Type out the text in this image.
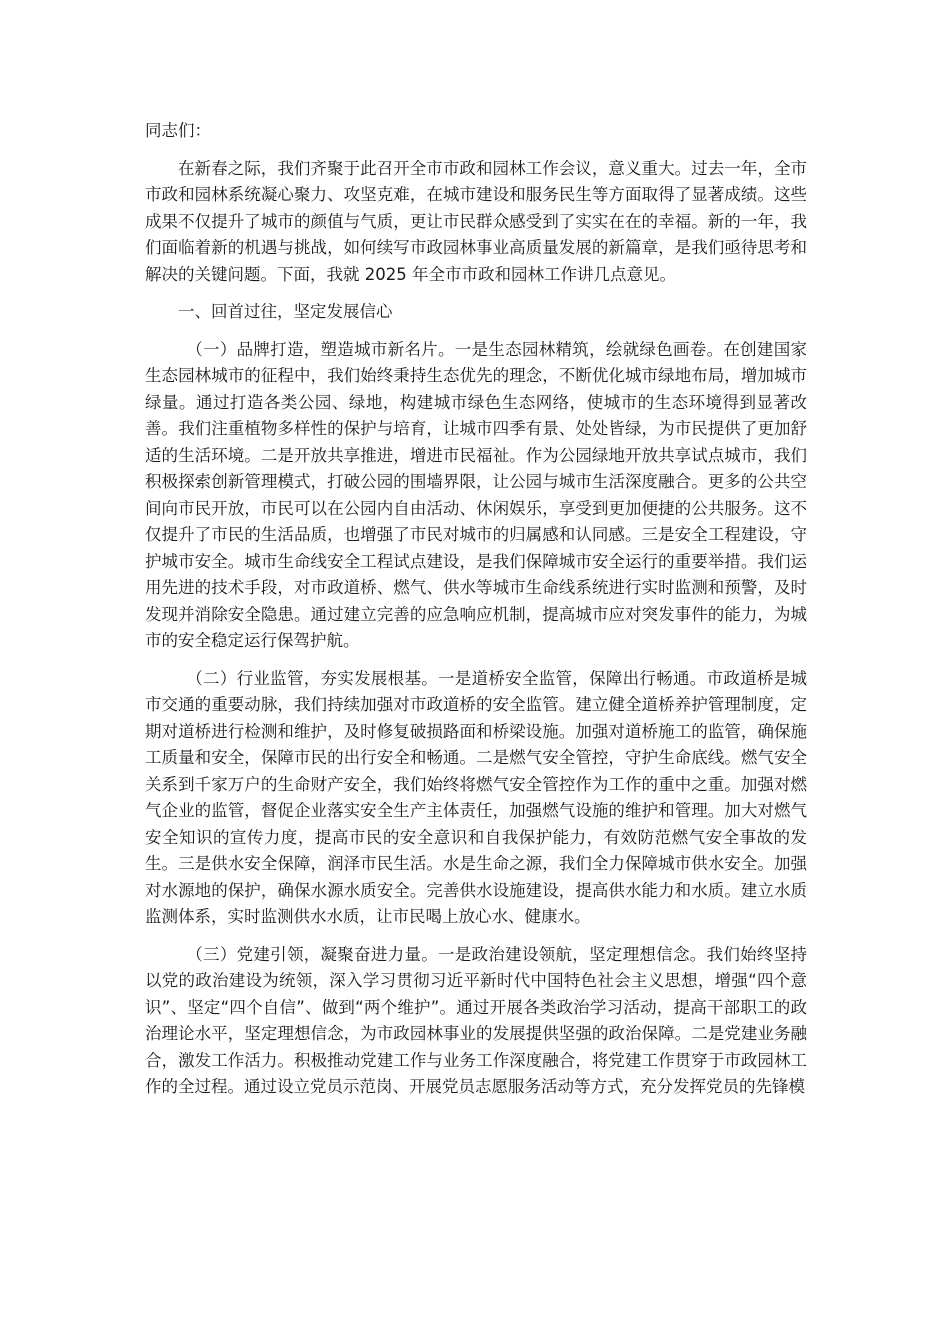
同志们：

在新春之际，我们齐聚于此召开全市市政和园林工作会议，意义重大。过去一年，全市市政和园林系统凝心聚力、攻坚克难，在城市建设和服务民生等方面取得了显著成绩。这些成果不仅提升了城市的颜值与气质，更让市民群众感受到了实实在在的幸福。新的一年，我们面临着新的机遇与挑战，如何续写市政园林事业高质量发展的新篇章，是我们亟待思考和解决的关键问题。下面，我就 2025 年全市市政和园林工作讲几点意见。

一、回首过往，坚定发展信心

（一）品牌打造，塑造城市新名片。一是生态园林精筑，绘就绿色画卷。在创建国家生态园林城市的征程中，我们始终秉持生态优先的理念，不断优化城市绿地布局，增加城市绿量。通过打造各类公园、绿地，构建城市绿色生态网络，使城市的生态环境得到显著改善。我们注重植物多样性的保护与培育，让城市四季有景、处处皆绿，为市民提供了更加舒适的生活环境。二是开放共享推进，增进市民福祉。作为公园绿地开放共享试点城市，我们积极探索创新管理模式，打破公园的围墙界限，让公园与城市生活深度融合。更多的公共空间向市民开放，市民可以在公园内自由活动、休闲娱乐，享受到更加便捷的公共服务。这不仅提升了市民的生活品质，也增强了市民对城市的归属感和认同感。三是安全工程建设，守护城市安全。城市生命线安全工程试点建设，是我们保障城市安全运行的重要举措。我们运用先进的技术手段，对市政道桥、燃气、供水等城市生命线系统进行实时监测和预警，及时发现并消除安全隐患。通过建立完善的应急响应机制，提高城市应对突发事件的能力，为城市的安全稳定运行保驾护航。

（二）行业监管，夯实发展根基。一是道桥安全监管，保障出行畅通。市政道桥是城市交通的重要动脉，我们持续加强对市政道桥的安全监管。建立健全道桥养护管理制度，定期对道桥进行检测和维护，及时修复破损路面和桥梁设施。加强对道桥施工的监管，确保施工质量和安全，保障市民的出行安全和畅通。二是燃气安全管控，守护生命底线。燃气安全关系到千家万户的生命财产安全，我们始终将燃气安全管控作为工作的重中之重。加强对燃气企业的监管，督促企业落实安全生产主体责任，加强燃气设施的维护和管理。加大对燃气安全知识的宣传力度，提高市民的安全意识和自我保护能力，有效防范燃气安全事故的发生。三是供水安全保障，润泽市民生活。水是生命之源，我们全力保障城市供水安全。加强对水源地的保护，确保水源水质安全。完善供水设施建设，提高供水能力和水质。建立水质监测体系，实时监测供水水质，让市民喝上放心水、健康水。

（三）党建引领，凝聚奋进力量。一是政治建设领航，坚定理想信念。我们始终坚持以党的政治建设为统领，深入学习贯彻习近平新时代中国特色社会主义思想，增强“四个意识”、坚定“四个自信”、做到“两个维护”。通过开展各类政治学习活动，提高干部职工的政治理论水平，坚定理想信念，为市政园林事业的发展提供坚强的政治保障。二是党建业务融合，激发工作活力。积极推动党建工作与业务工作深度融合，将党建工作贯穿于市政园林工作的全过程。通过设立党员示范岗、开展党员志愿服务活动等方式，充分发挥党员的先锋模
